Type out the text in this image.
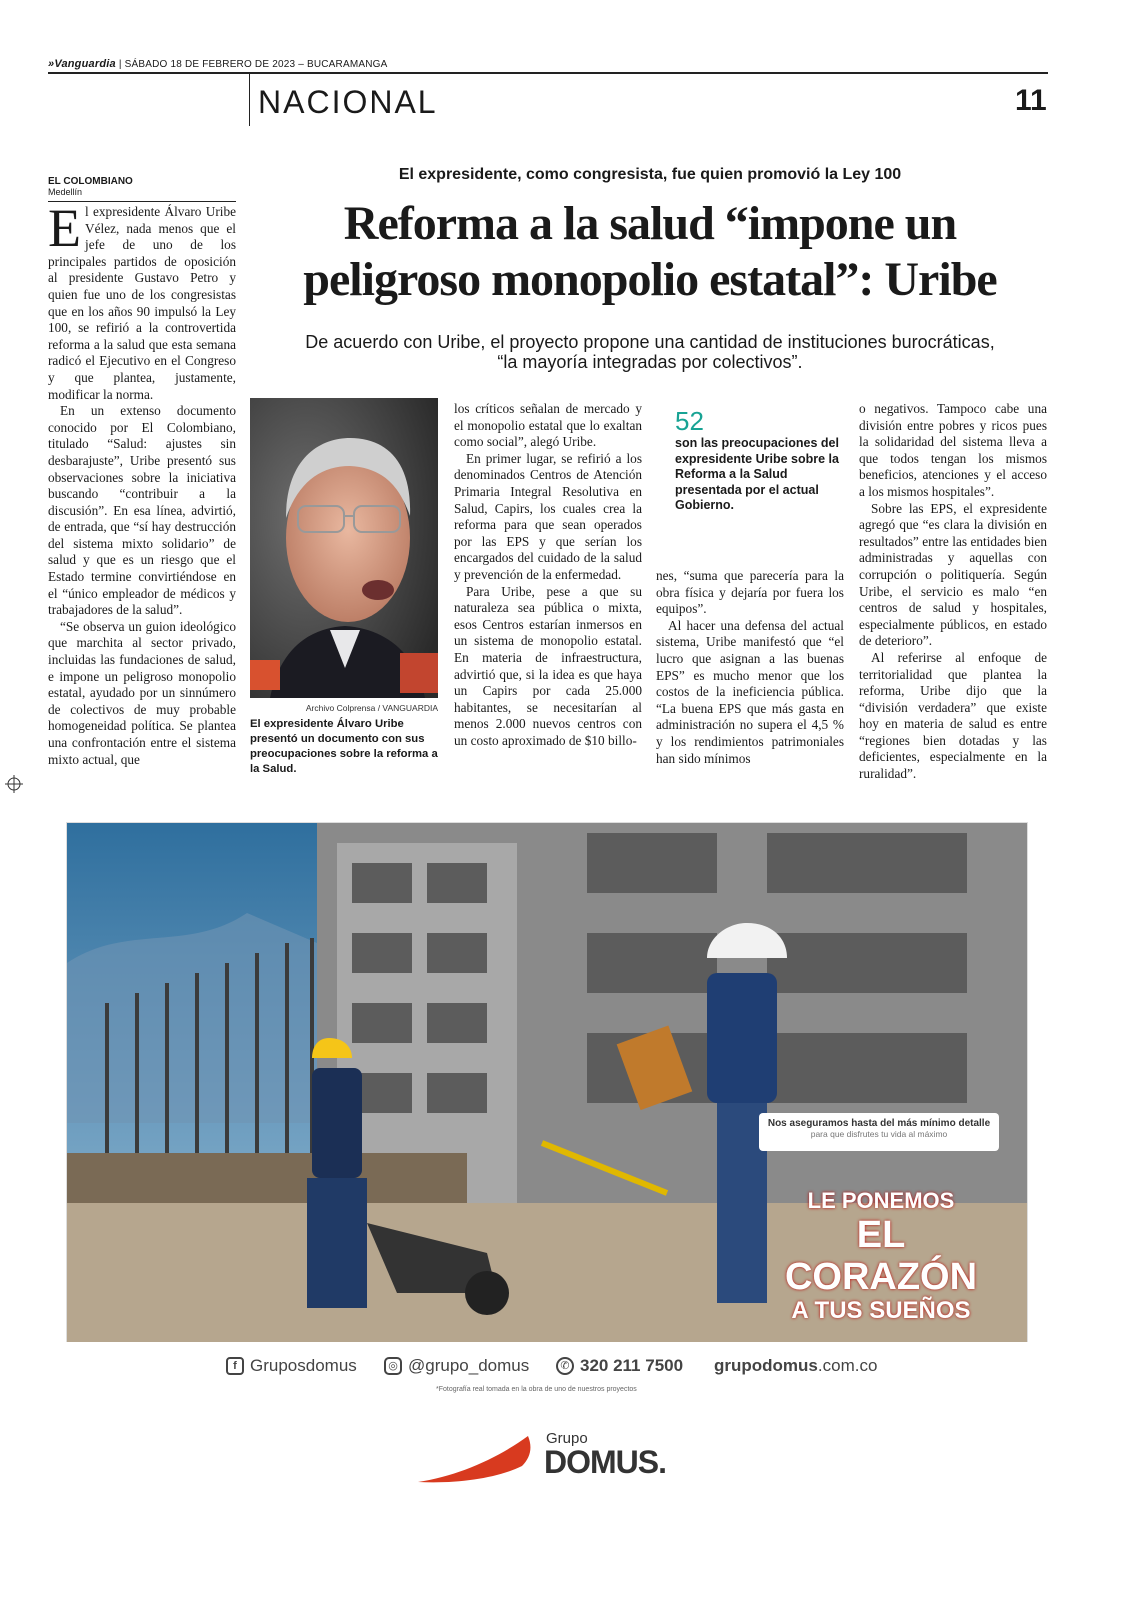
»Vanguardia | SÁBADO 18 DE FEBRERO DE 2023 – BUCARAMANGA
NACIONAL	11
EL COLOMBIANO
Medellín

El expresidente Álvaro Uribe Vélez, nada menos que el jefe de uno de los principales partidos de oposición al presidente Gustavo Petro y quien fue uno de los congresistas que en los años 90 impulsó la Ley 100, se refirió a la controvertida reforma a la salud que esta semana radicó el Ejecutivo en el Congreso y que plantea, justamente, modificar la norma.

En un extenso documento conocido por El Colombiano, titulado “Salud: ajustes sin desbarajuste”, Uribe presentó sus observaciones sobre la iniciativa buscando “contribuir a la discusión”. En esa línea, advirtió, de entrada, que “sí hay destrucción del sistema mixto solidario” de salud y que es un riesgo que el Estado termine convirtiéndose en el “único empleador de médicos y trabajadores de la salud”.

“Se observa un guion ideológico que marchita al sector privado, incluidas las fundaciones de salud, e impone un peligroso monopolio estatal, ayudado por un sinnúmero de colectivos de muy probable homogeneidad política. Se plantea una confrontación entre el sistema mixto actual, que

El expresidente, como congresista, fue quien promovió la Ley 100
Reforma a la salud “impone un
peligroso monopolio estatal”: Uribe
De acuerdo con Uribe, el proyecto propone una cantidad de instituciones burocráticas, “la mayoría integradas por colectivos”.
Archivo Colprensa / VANGUARDIA
El expresidente Álvaro Uribe presentó un documento con sus preocupaciones sobre la reforma a la Salud.

los críticos señalan de mercado y el monopolio estatal que lo exaltan como social”, alegó Uribe.

En primer lugar, se refirió a los denominados Centros de Atención Primaria Integral Resolutiva en Salud, Capirs, los cuales crea la reforma para que sean operados por las EPS y que serían los encargados del cuidado de la salud y prevención de la enfermedad.

Para Uribe, pese a que su naturaleza sea pública o mixta, esos Centros estarían inmersos en un sistema de monopolio estatal. En materia de infraestructura, advirtió que, si la idea es que haya un Capirs por cada 25.000 habitantes, se necesitarían al menos 2.000 nuevos centros con un costo aproximado de $10 billo-

52
son las preocupaciones del expresidente Uribe sobre la Reforma a la Salud presentada por el actual Gobierno.

nes, “suma que parecería para la obra física y dejaría por fuera los equipos”.

Al hacer una defensa del actual sistema, Uribe manifestó que “el lucro que asignan a las buenas EPS” es mucho menor que los costos de la ineficiencia pública. “La buena EPS que más gasta en administración no supera el 4,5 % y los rendimientos patrimoniales han sido mínimos

o negativos. Tampoco cabe una división entre pobres y ricos pues la solidaridad del sistema lleva a que todos tengan los mismos beneficios, atenciones y el acceso a los mismos hospitales”.

Sobre las EPS, el expresidente agregó que “es clara la división en resultados” entre las entidades bien administradas y aquellas con corrupción o politiquería. Según Uribe, el servicio es malo “en centros de salud y hospitales, especialmente públicos, en estado de deterioro”.

Al referirse al enfoque de territorialidad que plantea la reforma, Uribe dijo que la “división verdadera” que existe hoy en materia de salud es entre “regiones bien dotadas y las deficientes, especialmente en la ruralidad”.

Nos aseguramos hasta del más mínimo detalle
para que disfrutes tu vida al máximo
LE PONEMOS
EL CORAZÓN
A TUS SUEÑOS
f Gruposdomus	◎ @grupo_domus	✆ 320 211 7500 grupodomus.com.co
*Fotografía real tomada en la obra de uno de nuestros proyectos
Grupo
DOMUS.
